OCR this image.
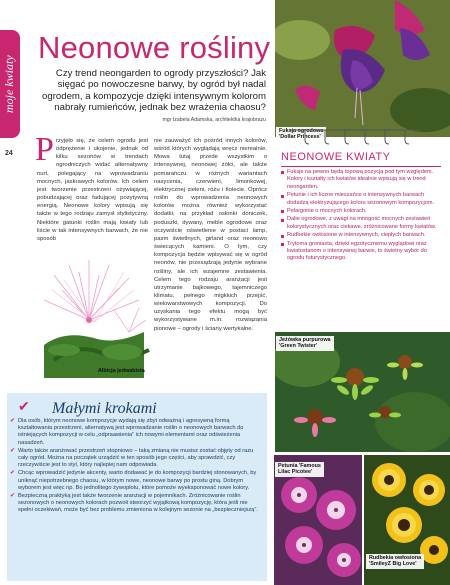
moje kwiaty
24
Neonowe rośliny
Czy trend neongarden to ogrody przyszłości? Jak sięgać po nowoczesne barwy, by ogród był nadal ogrodem, a kompozycje dzięki intensywnym kolorom nabrały rumieńców, jednak bez wrażenia chaosu?
mgr Izabela Adamska, architektka krajobrazu
Przyjęło się, że celem ogrodu jest odprężenie i ukojenie, jednak od kilku sezonów w trendach ogrodniczych widać alternatywny nurt, polegający na wprowadzaniu mocnych, jaskrawych kolorów. Ich celem jest tworzenie przestrzeni ożywiającej, pobudzającej oraz fadującej pozytywną energią. Neonowe kolory wpisują się także w tego rodzaju zamysł stylistyczny. Niektóre gatunki roślin mają kwiaty lub liście w tak intensywnych barwach, że nie sposób
nie zauważyć ich pośród innych kolorów, wśród których wyglądają wręcz nierealnie. Mowa tutaj przede wszystkim o intensywnej, neonowej żółci, ale także pomarańczu w różnych wariantach nasycenia, czerwieni, limonkowej, elektrycznej zieleni, różu i fiolecie. Oprócz roślin do wprowadzenia neonowych kolorów można również wykorzystać dodatki, na przykład osłonki doniczek, poduszki, dywany, meble ogrodowe oraz oczywiście oświetlenie w postaci lamp, pasm świetlnych, girland oraz neonowo świecących kamieni. O tym, czy kompozycja będzie wpisywać się w ogród neonów, nie przesądzają jedynie wybrane rośliny, ale ich wzajemne zestawienia. Celem tego rodzaju aranżacji jest utrzymanie bajkowego, tajemniczego klimatu, pełnego migkkich przejść, wielowarstwowych kompozycji. Do uzyskania tego efektu mogą być wykorzystywane m.in. rozwiązania pionowe – ogrody i ściany wertykalne.
Albicja jedwabista
Fuksja ogrodowa
'Dollar Princess'
NEONOWE KWIATY
Fuksje na pewno będą topową pozycją pod tym względem. Kolory i kształty ich kwiatów idealnie wpisują się w trend neongarden.
Petunie i ich liczne mieszańce o intensywnych barwach dodadzą elektryzującego koloru sezonowym kompozycjom.
Pelargonie o mocnych kolorach.
Dalie ogrodowe, z uwagi na mnogość mocnych zestawień kolorystycznych oraz ciekawe, zróżnicowane formy kwiatów.
Rudbekie owłosione w intensywnych, ciepłych barwach.
Trytoma groniasta, dzięki egzotycznemu wyglądowi oraz kwiatostanom o intensywnej barwie, to świetny wybór do ogrodu futurystycznego.
Jeżówka purpurowa
'Green Twister'
Petunia 'Famous
Lilac Picotee'
Rudbekia owłosiona
'SmileyZ Big Love'
✔ Małymi krokami
✔ Dla osób, którym neonowe kompozycje wydają się zbyt odważną i agresywną formą kształtowania przestrzeni, alternatywą jest wprowadzanie roślin o neonowych barwach do istniejących kompozycji w celu „odpraawienia” ich nowymi elementami oraz odświeżenia nasadzeń.
✔ Warto także aranżować przestrzeń stopniowo – taką zmianą nie musisz zostać objęty od razu cały ogród. Można na początek urządzić w ten sposób jego części, aby sprawdzić, czy rzeczywiście jest to styl, który najlepiej nam odpowiada.
✔ Chcąc wprowadzić jedynie akcenty, warto dodawać je do kompozycji bardziej stonowanych, by uniknąć niepotrzebnego chaosu, w którym nowe, neonowe barwy po prostu giną. Dobrym wyborem jest więc np. Bo jednolitego żywopłotu, które pomoże wyeksponować nowe kolory.
✔ Bezpieczną praktyką jest także tworzenie aranżacji w pojemnikach. Zróżnicowanie roślin sezonowych o neonowych kolorach pozwoli stworzyć wyjątkową kompozycję, która jeśli nie spełni oczekiwań, może być bez problemu zmieniona w kolejnym sezonie na „bezpieczniejszą”.
